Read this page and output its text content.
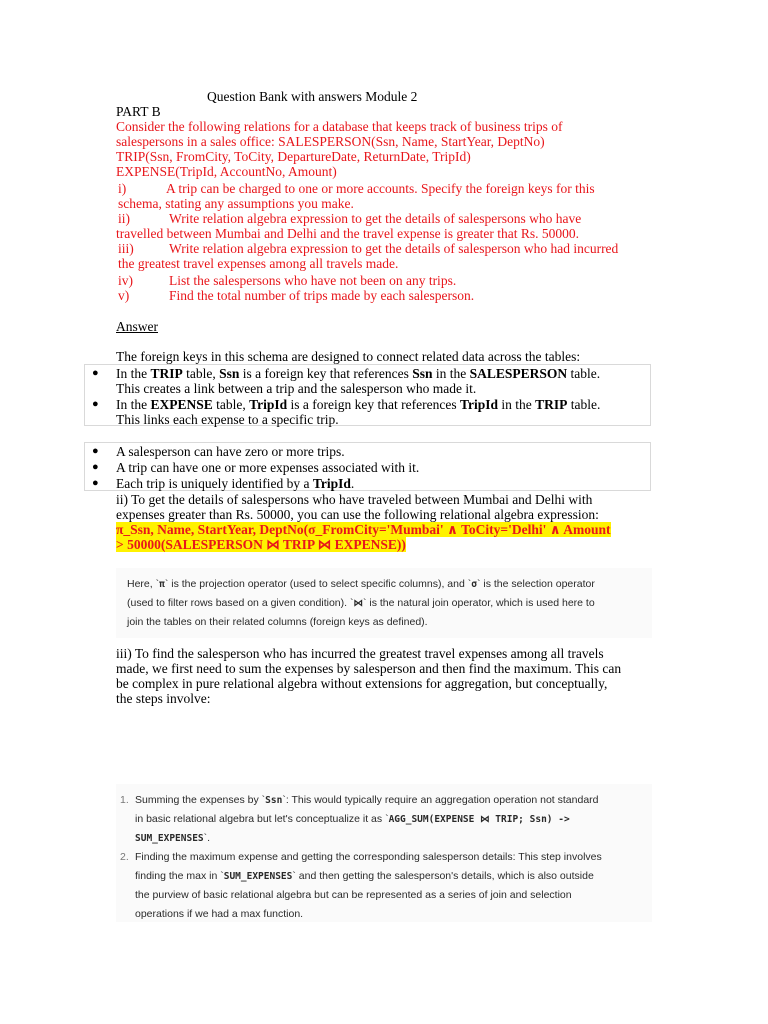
Question Bank with answers Module 2
PART B
Consider the following relations for a database that keeps track of business trips of
salespersons in a sales office: SALESPERSON(Ssn, Name, StartYear, DeptNo)
TRIP(Ssn, FromCity, ToCity, DepartureDate, ReturnDate, TripId)
EXPENSE(TripId, AccountNo, Amount)
i)	A trip can be charged to one or more accounts. Specify the foreign keys for this
schema, stating any assumptions you make.
ii)	Write relation algebra expression to get the details of salespersons who have
travelled between Mumbai and Delhi and the travel expense is greater that Rs. 50000.
iii)	Write relation algebra expression to get the details of salesperson who had incurred
the greatest travel expenses among all travels made.
iv)	List the salespersons who have not been on any trips.
v)	Find the total number of trips made by each salesperson.
Answer
The foreign keys in this schema are designed to connect related data across the tables:
● In the TRIP table, Ssn is a foreign key that references Ssn in the SALESPERSON table.
This creates a link between a trip and the salesperson who made it.
● In the EXPENSE table, TripId is a foreign key that references TripId in the TRIP table.
This links each expense to a specific trip.
● A salesperson can have zero or more trips.
● A trip can have one or more expenses associated with it.
● Each trip is uniquely identified by a TripId.
ii) To get the details of salespersons who have traveled between Mumbai and Delhi with
expenses greater than Rs. 50000, you can use the following relational algebra expression:
π_Ssn, Name, StartYear, DeptNo(σ_FromCity='Mumbai' ∧ ToCity='Delhi' ∧ Amount
> 50000(SALESPERSON ⋈ TRIP ⋈ EXPENSE))
Here, `π` is the projection operator (used to select specific columns), and `σ` is the selection operator
(used to filter rows based on a given condition). `⋈` is the natural join operator, which is used here to
join the tables on their related columns (foreign keys as defined).
iii) To find the salesperson who has incurred the greatest travel expenses among all travels
made, we first need to sum the expenses by salesperson and then find the maximum. This can
be complex in pure relational algebra without extensions for aggregation, but conceptually,
the steps involve:
1. Summing the expenses by `Ssn`: This would typically require an aggregation operation not standard
in basic relational algebra but let's conceptualize it as `AGG_SUM(EXPENSE ⋈ TRIP; Ssn) ->
SUM_EXPENSES`.
2. Finding the maximum expense and getting the corresponding salesperson details: This step involves
finding the max in `SUM_EXPENSES` and then getting the salesperson's details, which is also outside
the purview of basic relational algebra but can be represented as a series of join and selection
operations if we had a max function.
